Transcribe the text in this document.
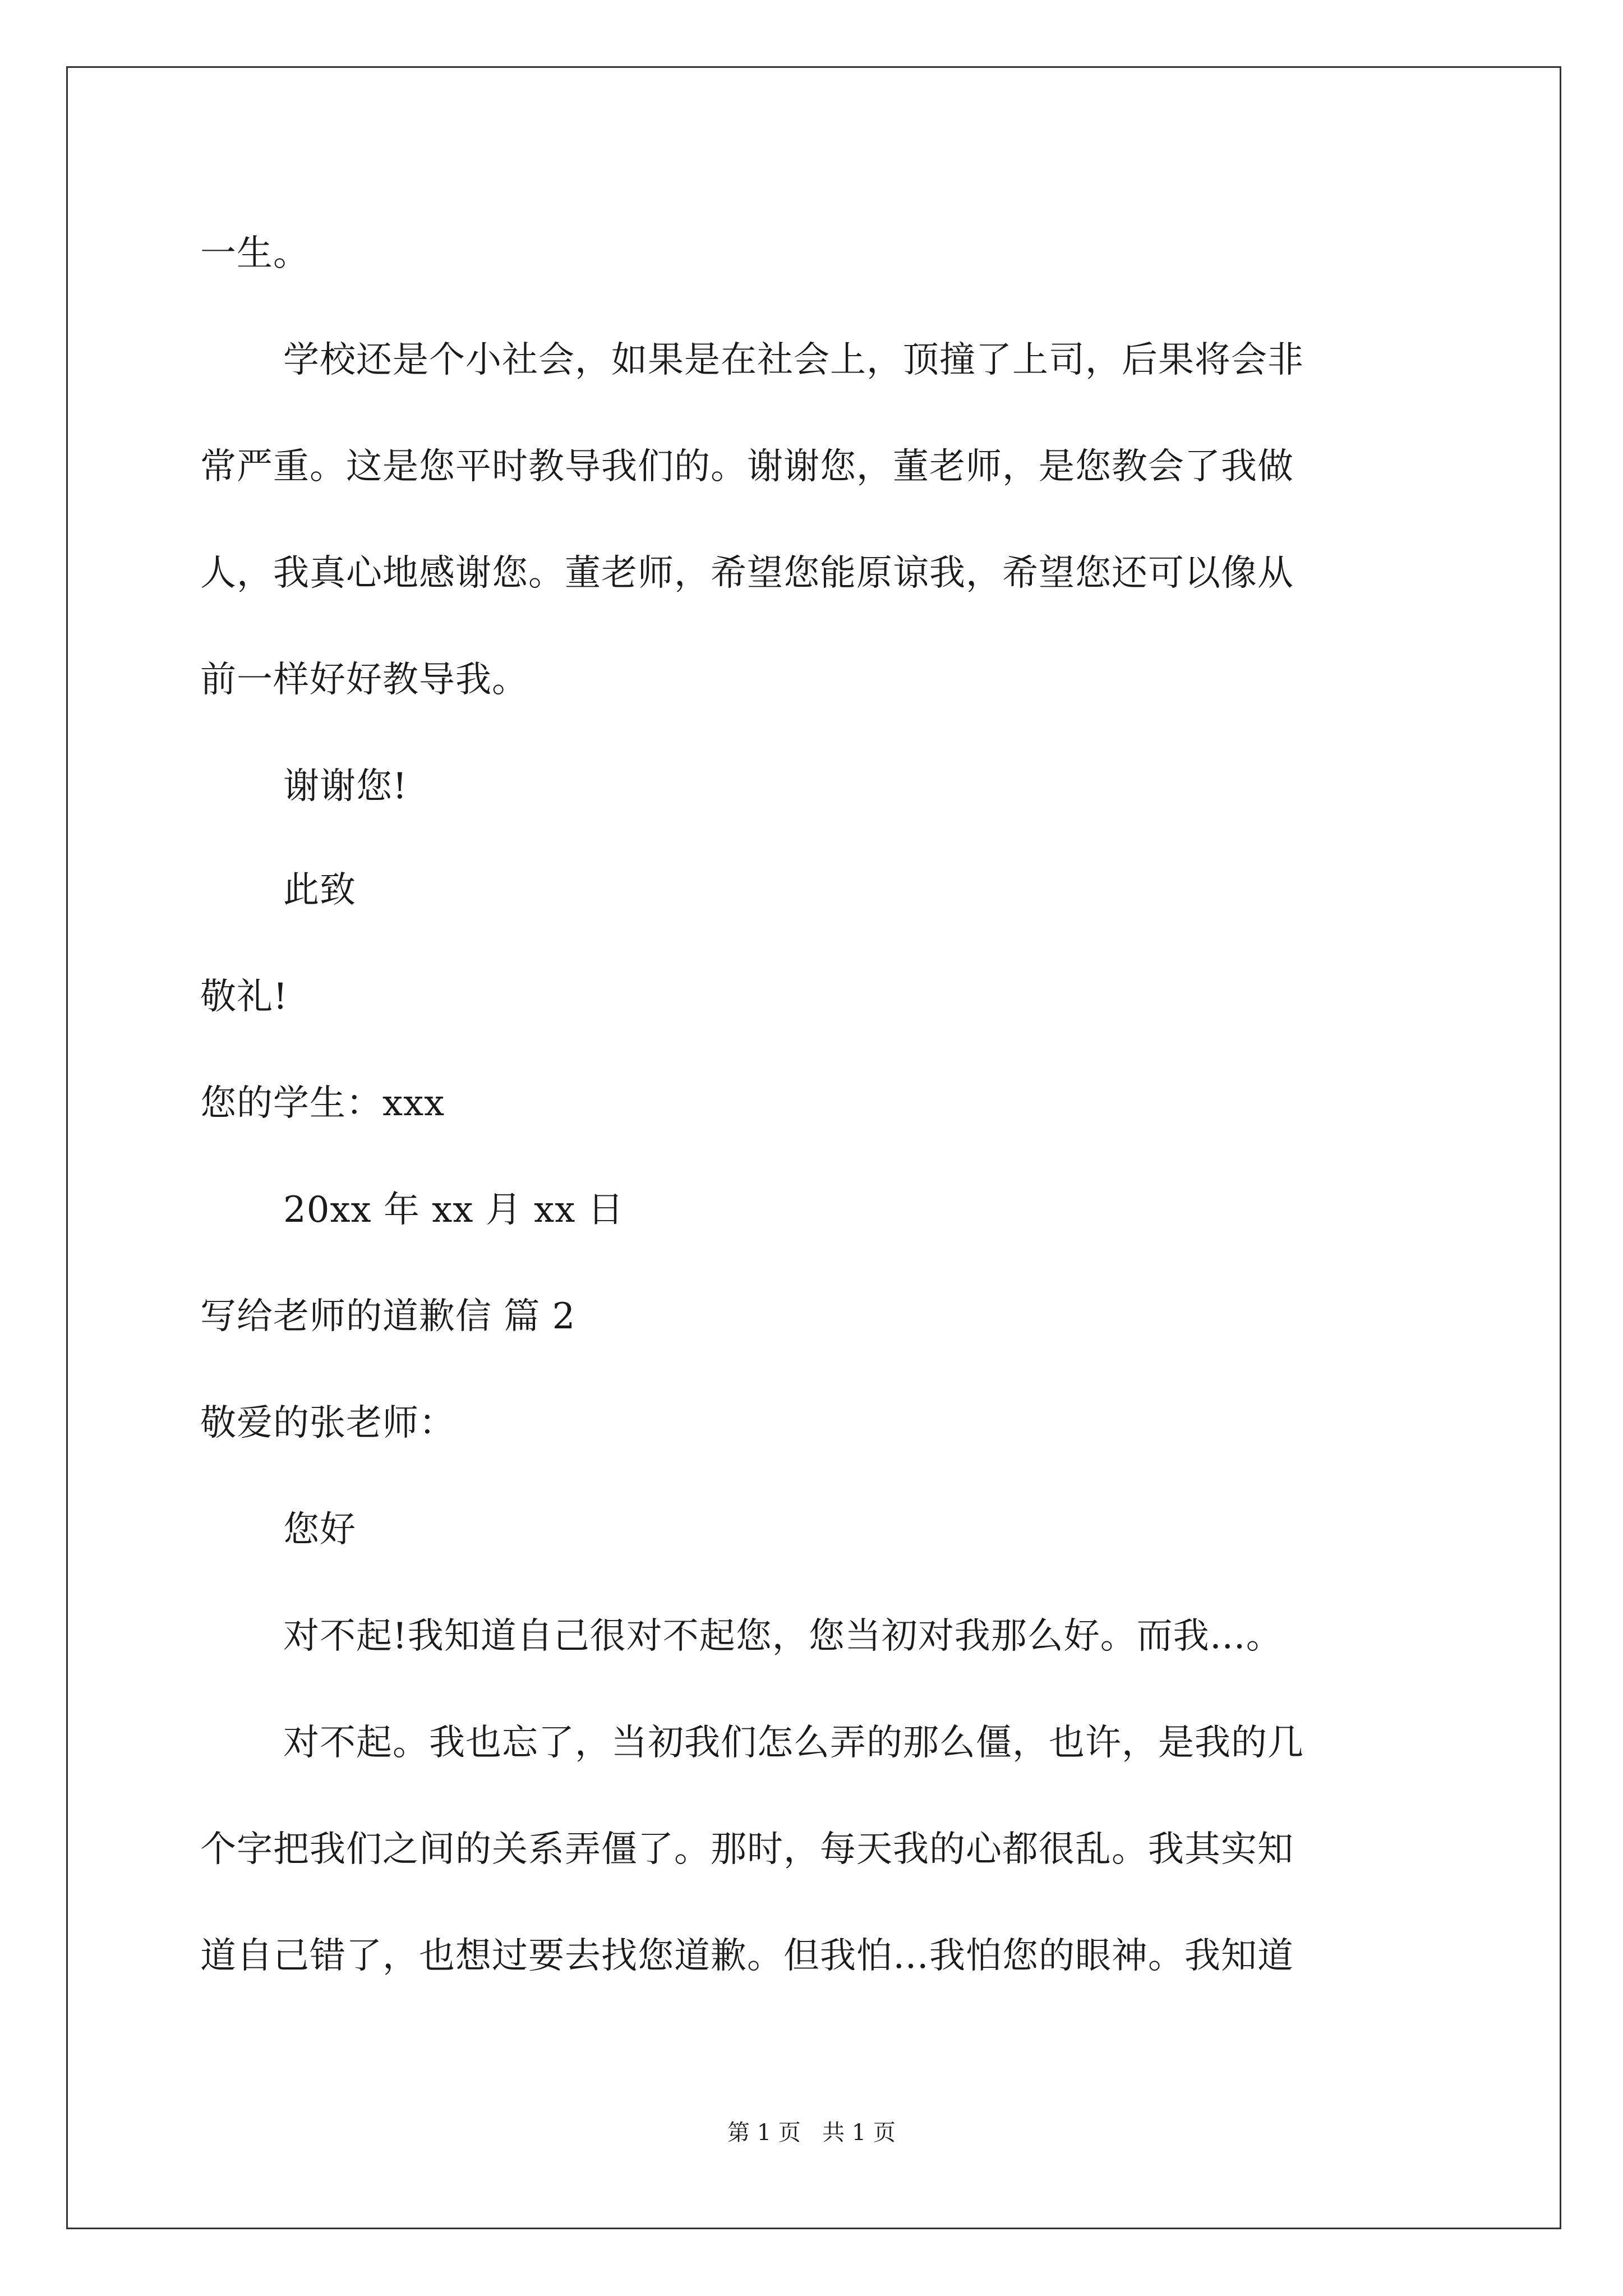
一生。
学校还是个小社会，如果是在社会上，顶撞了上司，后果将会非
常严重。这是您平时教导我们的。谢谢您，董老师，是您教会了我做
人，我真心地感谢您。董老师，希望您能原谅我，希望您还可以像从
前一样好好教导我。
谢谢您!
此致
敬礼!
您的学生：xxx
20xx 年 xx 月 xx 日
写给老师的道歉信 篇 2
敬爱的张老师：
您好
对不起!我知道自己很对不起您，您当初对我那么好。而我…。
对不起。我也忘了，当初我们怎么弄的那么僵，也许，是我的几
个字把我们之间的关系弄僵了。那时，每天我的心都很乱。我其实知
道自己错了，也想过要去找您道歉。但我怕…我怕您的眼神。我知道
第 1 页   共 1 页
